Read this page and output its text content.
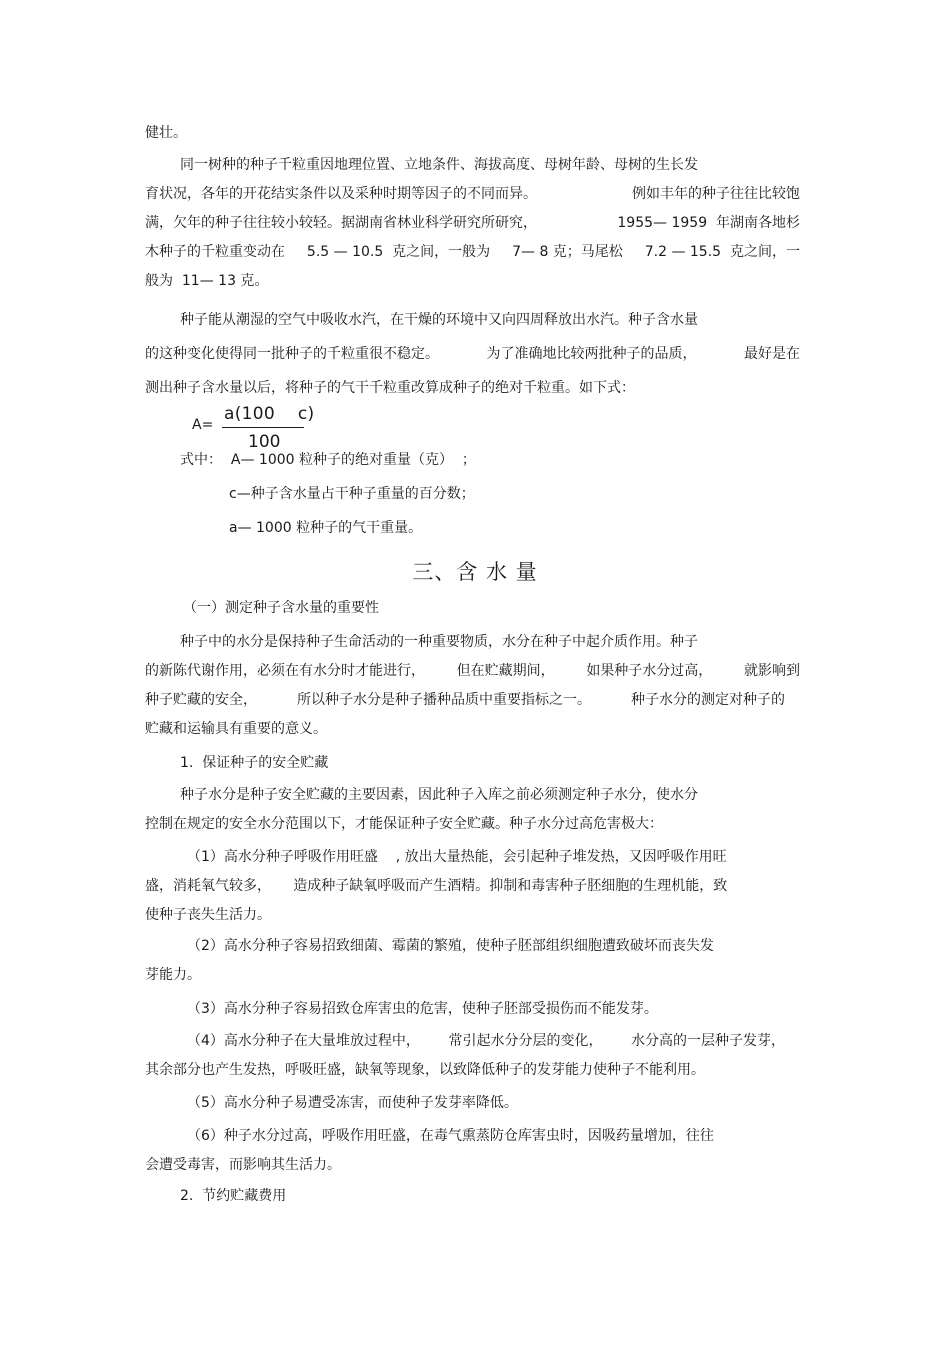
健壮。

同一树种的种子千粒重因地理位置、立地条件、海拔高度、母树年龄、母树的生长发

育状况，各年的开花结实条件以及采种时期等因子的不同而异。	例如丰年的种子往往比较饱

满，欠年的种子往往较小较轻。据湖南省林业科学研究所研究，	1955— 1959  年湖南各地杉

木种子的千粒重变动在 5.5 — 10.5  克之间，一般为 7— 8 克；马尾松 7.2 — 15.5  克之间，一

般为  11— 13 克。

种子能从潮湿的空气中吸收水汽，在干燥的环境中又向四周释放出水汽。种子含水量

的这种变化使得同一批种子的千粒重很不稳定。	为了准确地比较两批种子的品质，	最好是在

测出种子含水量以后，将种子的气干千粒重改算成种子的绝对千粒重。如下式：

A=
a(100    c)
100

式中：  A— 1000 粒种子的绝对重量（克）  ；

c—种子含水量占干种子重量的百分数；

a— 1000 粒种子的气干重量。

三、含 水 量

（一）测定种子含水量的重要性

种子中的水分是保持种子生命活动的一种重要物质，水分在种子中起介质作用。种子

的新陈代谢作用，必须在有水分时才能进行， 但在贮藏期间， 如果种子水分过高， 就影响到

种子贮藏的安全，	所以种子水分是种子播种品质中重要指标之一。	种子水分的测定对种子的

贮藏和运输具有重要的意义。

1.  保证种子的安全贮藏

种子水分是种子安全贮藏的主要因素，因此种子入库之前必须测定种子水分，使水分

控制在规定的安全水分范围以下，才能保证种子安全贮藏。种子水分过高危害极大：

（1）高水分种子呼吸作用旺盛    , 放出大量热能，会引起种子堆发热，又因呼吸作用旺

盛，消耗氧气较多，     造成种子缺氧呼吸而产生酒精。抑制和毒害种子胚细胞的生理机能，致

使种子丧失生活力。

（2）高水分种子容易招致细菌、霉菌的繁殖，使种子胚部组织细胞遭致破坏而丧失发

芽能力。

（3）高水分种子容易招致仓库害虫的危害，使种子胚部受损伤而不能发芽。

（4）高水分种子在大量堆放过程中， 常引起水分分层的变化， 水分高的一层种子发芽，

其余部分也产生发热，呼吸旺盛，缺氧等现象，以致降低种子的发芽能力使种子不能利用。

（5）高水分种子易遭受冻害，而使种子发芽率降低。

（6）种子水分过高，呼吸作用旺盛，在毒气熏蒸防仓库害虫时，因吸药量增加，往往

会遭受毒害，而影响其生活力。

2.  节约贮藏费用
